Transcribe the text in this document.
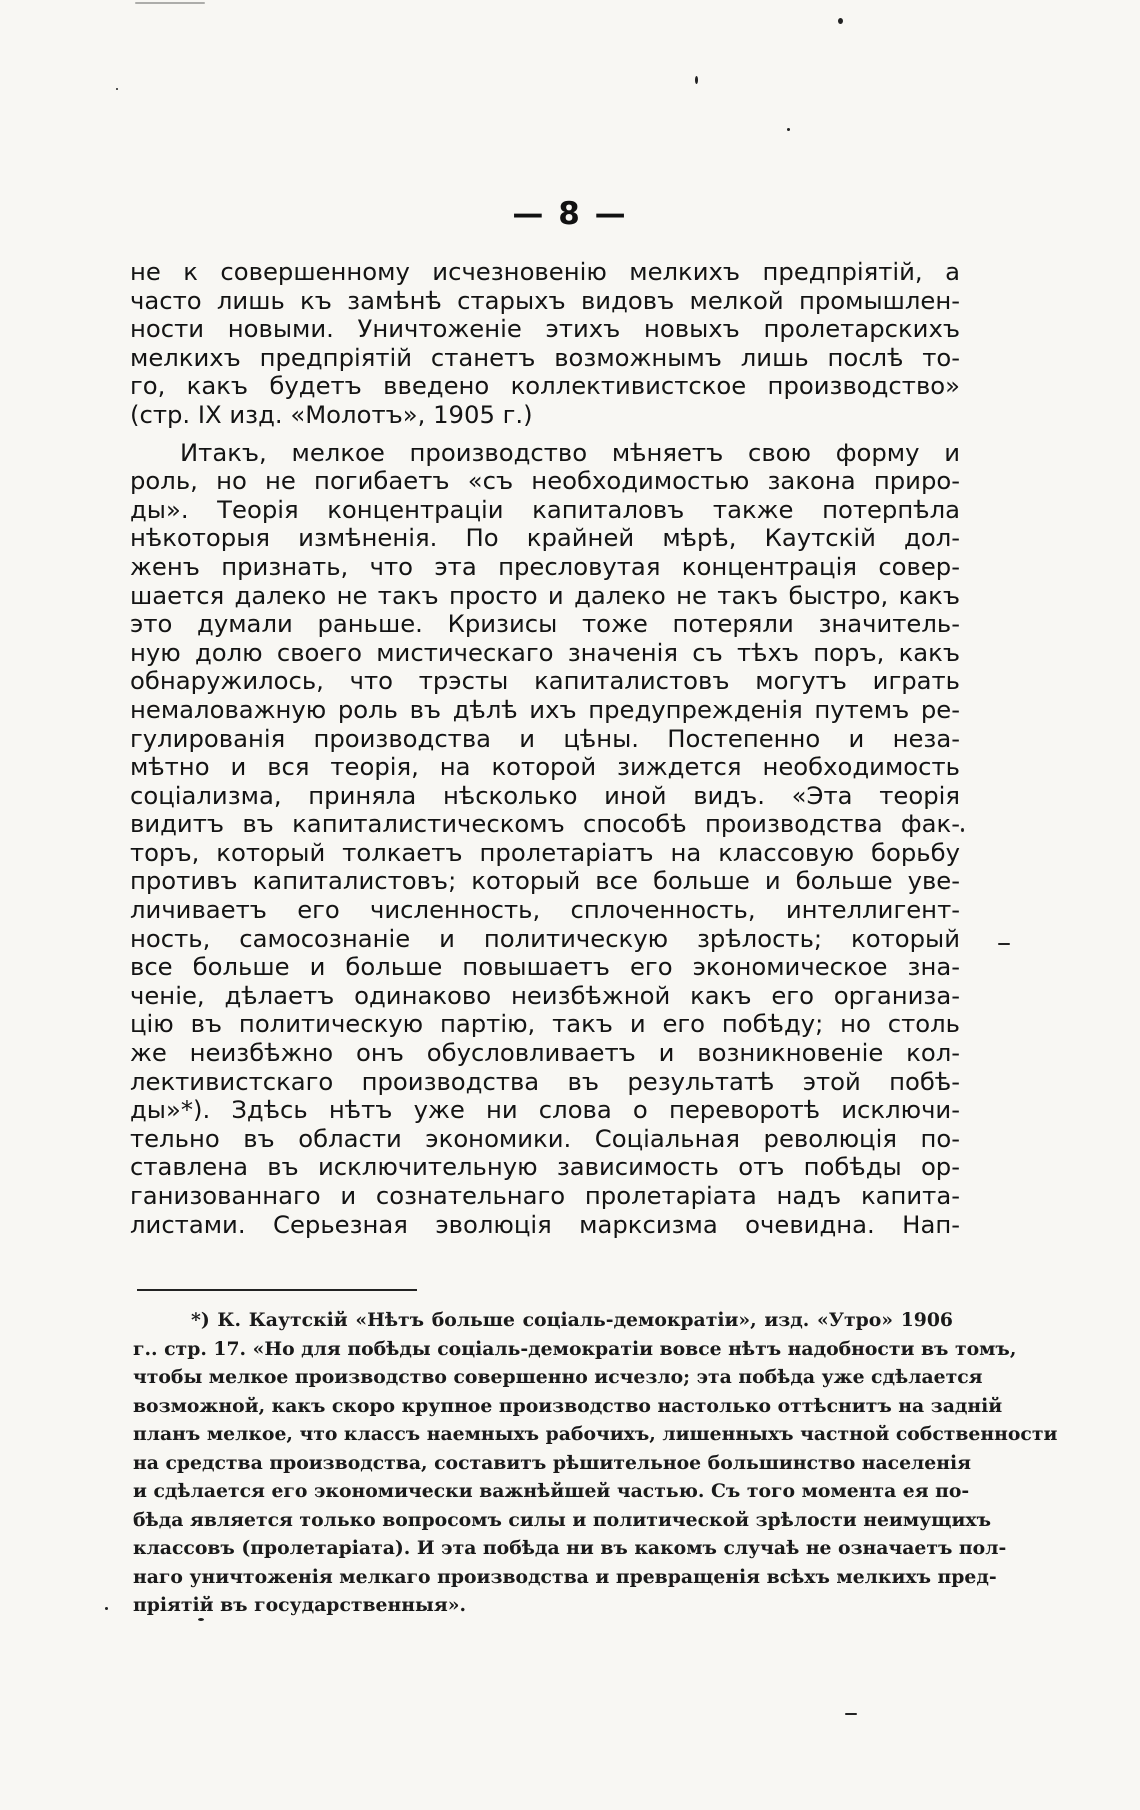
— 8 —
не к совершенному исчезновенію мелкихъ предпріятій, а
часто лишь къ замѣнѣ старыхъ видовъ мелкой промышлен-
ности новыми. Уничтоженіе этихъ новыхъ пролетарскихъ
мелкихъ предпріятій станетъ возможнымъ лишь послѣ то-
го, какъ будетъ введено коллективистское производство»
(стр. IX изд. «Молотъ», 1905 г.)
Итакъ, мелкое производство мѣняетъ свою форму и
роль, но не погибаетъ «съ необходимостью закона приро-
ды». Теорія концентраціи капиталовъ также потерпѣла
нѣкоторыя измѣненія. По крайней мѣрѣ, Каутскій дол-
женъ признать, что эта пресловутая концентрація совер-
шается далеко не такъ просто и далеко не такъ быстро, какъ
это думали раньше. Кризисы тоже потеряли значитель-
ную долю своего мистическаго значенія съ тѣхъ поръ, какъ
обнаружилось, что трэсты капиталистовъ могутъ играть
немаловажную роль въ дѣлѣ ихъ предупрежденія путемъ ре-
гулированія производства и цѣны. Постепенно и неза-
мѣтно и вся теорія, на которой зиждется необходимость
соціализма, приняла нѣсколько иной видъ. «Эта теорія
видитъ въ капиталистическомъ способѣ производства фак-
торъ, который толкаетъ пролетаріатъ на классовую борьбу
противъ капиталистовъ; который все больше и больше уве-
личиваетъ его численность, сплоченность, интеллигент-
ность, самосознаніе и политическую зрѣлость; который
все больше и больше повышаетъ его экономическое зна-
ченіе, дѣлаетъ одинаково неизбѣжной какъ его организа-
цію въ политическую партію, такъ и его побѣду; но столь
же неизбѣжно онъ обусловливаетъ и возникновеніе кол-
лективистскаго производства въ результатѣ этой побѣ-
ды»*). Здѣсь нѣтъ уже ни слова о переворотѣ исключи-
тельно въ области экономики. Соціальная революція по-
ставлена въ исключительную зависимость отъ побѣды ор-
ганизованнаго и сознательнаго пролетаріата надъ капита-
листами. Серьезная эволюція марксизма очевидна. Нап-
*) К. Каутскій «Нѣтъ больше соціаль-демократіи», изд. «Утро» 1906
г.. стр. 17. «Но для побѣды соціаль-демократіи вовсе нѣтъ надобности въ томъ,
чтобы мелкое производство совершенно исчезло; эта побѣда уже сдѣлается
возможной, какъ скоро крупное производство настолько оттѣснитъ на заднiй
планъ мелкое, что классъ наемныхъ рабочихъ, лишенныхъ частной собственности
на средства производства, составитъ рѣшительное большинство населенія
и сдѣлается его экономически важнѣйшей частью. Съ того момента ея по-
бѣда является только вопросомъ силы и политической зрѣлости неимущихъ
классовъ (пролетаріата). И эта побѣда ни въ какомъ случаѣ не означаетъ пол-
наго уничтоженія мелкаго производства и превращенія всѣхъ мелкихъ пред-
пріятій въ государственныя».
